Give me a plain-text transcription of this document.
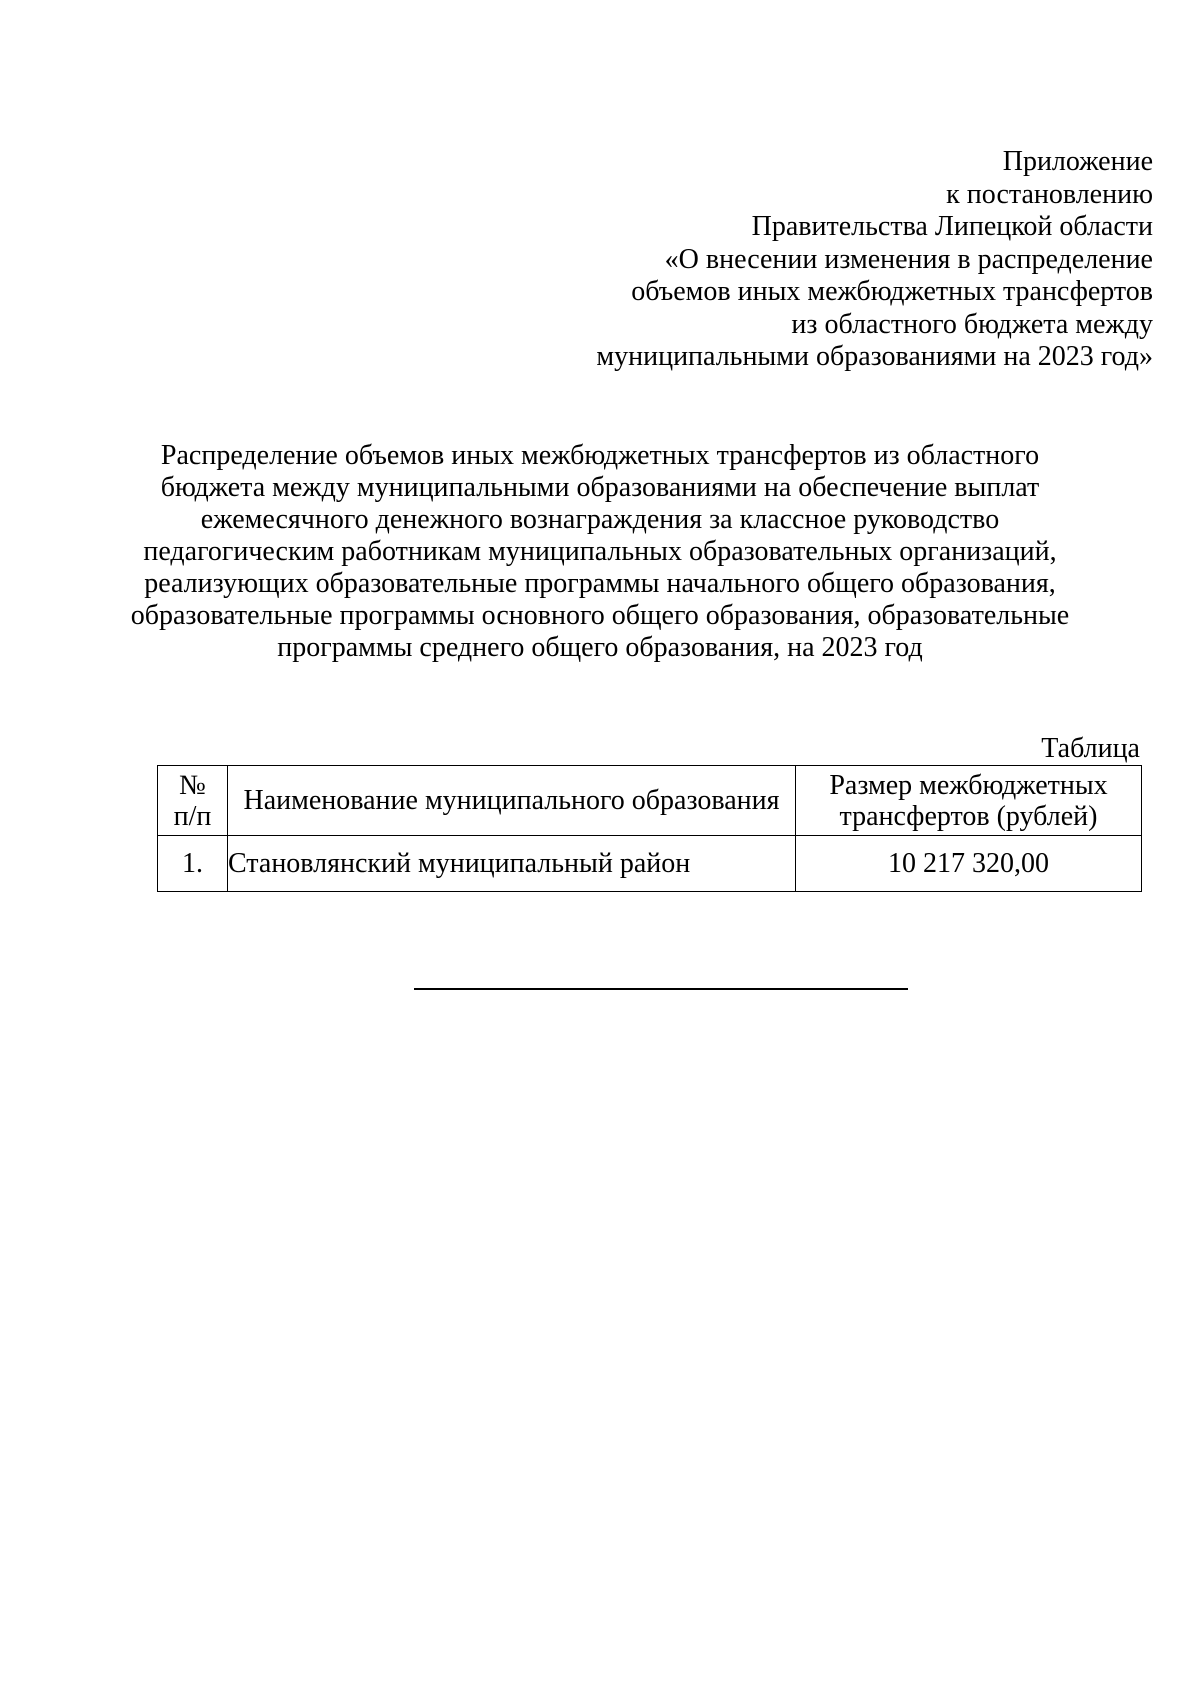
Приложение
к постановлению
Правительства Липецкой области
«О внесении изменения в распределение
объемов иных межбюджетных трансфертов
из областного бюджета между
муниципальными образованиями на 2023 год»
Распределение объемов иных межбюджетных трансфертов из областного
бюджета между муниципальными образованиями на обеспечение выплат
ежемесячного денежного вознаграждения за классное руководство
педагогическим работникам муниципальных образовательных организаций,
реализующих образовательные программы начального общего образования,
образовательные программы основного общего образования, образовательные
программы среднего общего образования, на 2023 год
Таблица
№
п/п	Наименование муниципального образования	Размер межбюджетных
трансфертов (рублей)

1.	Становлянский муниципальный район	10 217 320,00
